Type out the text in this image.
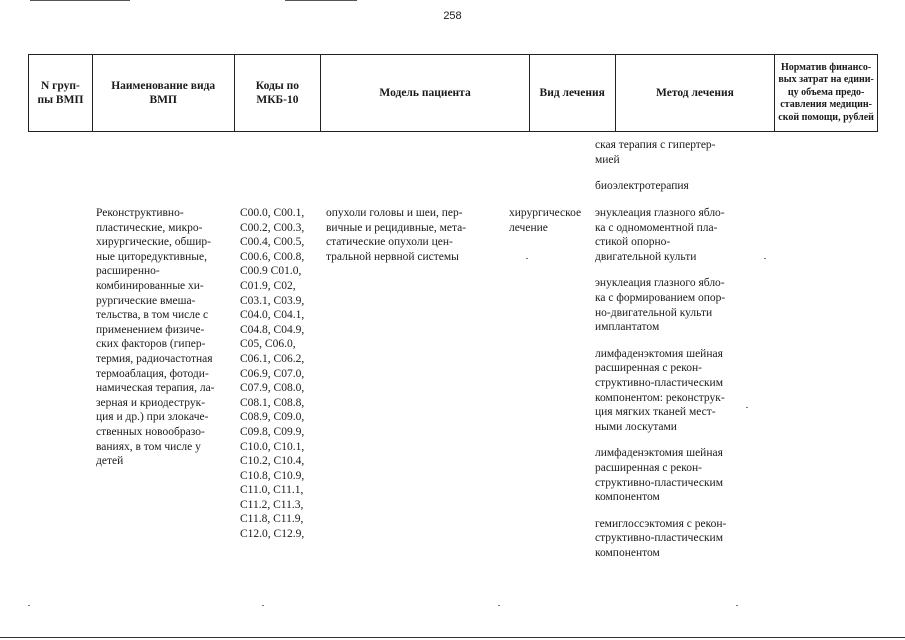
258
N груп-
пы ВМП
Наименование вида
ВМП
Коды по
МКБ-10
Модель пациента	Вид лечения	Метод лечения
Норматив финансо-
вых затрат на едини-
цу объема предо-
ставления медицин-
ской помощи, рублей
ская терапия с гипертер-
мией
биоэлектротерапия
Реконструктивно-
пластические, микро-
хирургические, обшир-
ные циторедуктивные,
расширенно-
комбинированные хи-
рургические вмеша-
тельства, в том числе с
применением физиче-
ских факторов (гипер-
термия, радиочастотная
термоаблация, фотоди-
намическая терапия, ла-
зерная и криодеструк-
ция и др.) при злокаче-
ственных новообразо-
ваниях, в том числе у
детей
C00.0, C00.1,
C00.2, C00.3,
C00.4, C00.5,
C00.6, C00.8,
C00.9 C01.0,
C01.9, C02,
C03.1, C03.9,
C04.0, C04.1,
C04.8, C04.9,
C05, C06.0,
C06.1, C06.2,
C06.9, C07.0,
C07.9, C08.0,
C08.1, C08.8,
C08.9, C09.0,
C09.8, C09.9,
C10.0, C10.1,
C10.2, C10.4,
C10.8, C10.9,
C11.0, C11.1,
C11.2, C11.3,
C11.8, C11.9,
C12.0, C12.9,
опухоли головы и шеи, пер-
вичные и рецидивные, мета-
статические опухоли цен-
тральной нервной системы
хирургическое
лечение
энуклеация глазного ябло-
ка с одномоментной пла-
стикой опорно-
двигательной культи
энуклеация глазного ябло-
ка с формированием опор-
но-двигательной культи
имплантатом
лимфаденэктомия шейная
расширенная с рекон-
структивно-пластическим
компонентом: реконструк-
ция мягких тканей мест-
ными лоскутами
лимфаденэктомия шейная
расширенная с рекон-
структивно-пластическим
компонентом
гемиглоссэктомия с рекон-
структивно-пластическим
компонентом
